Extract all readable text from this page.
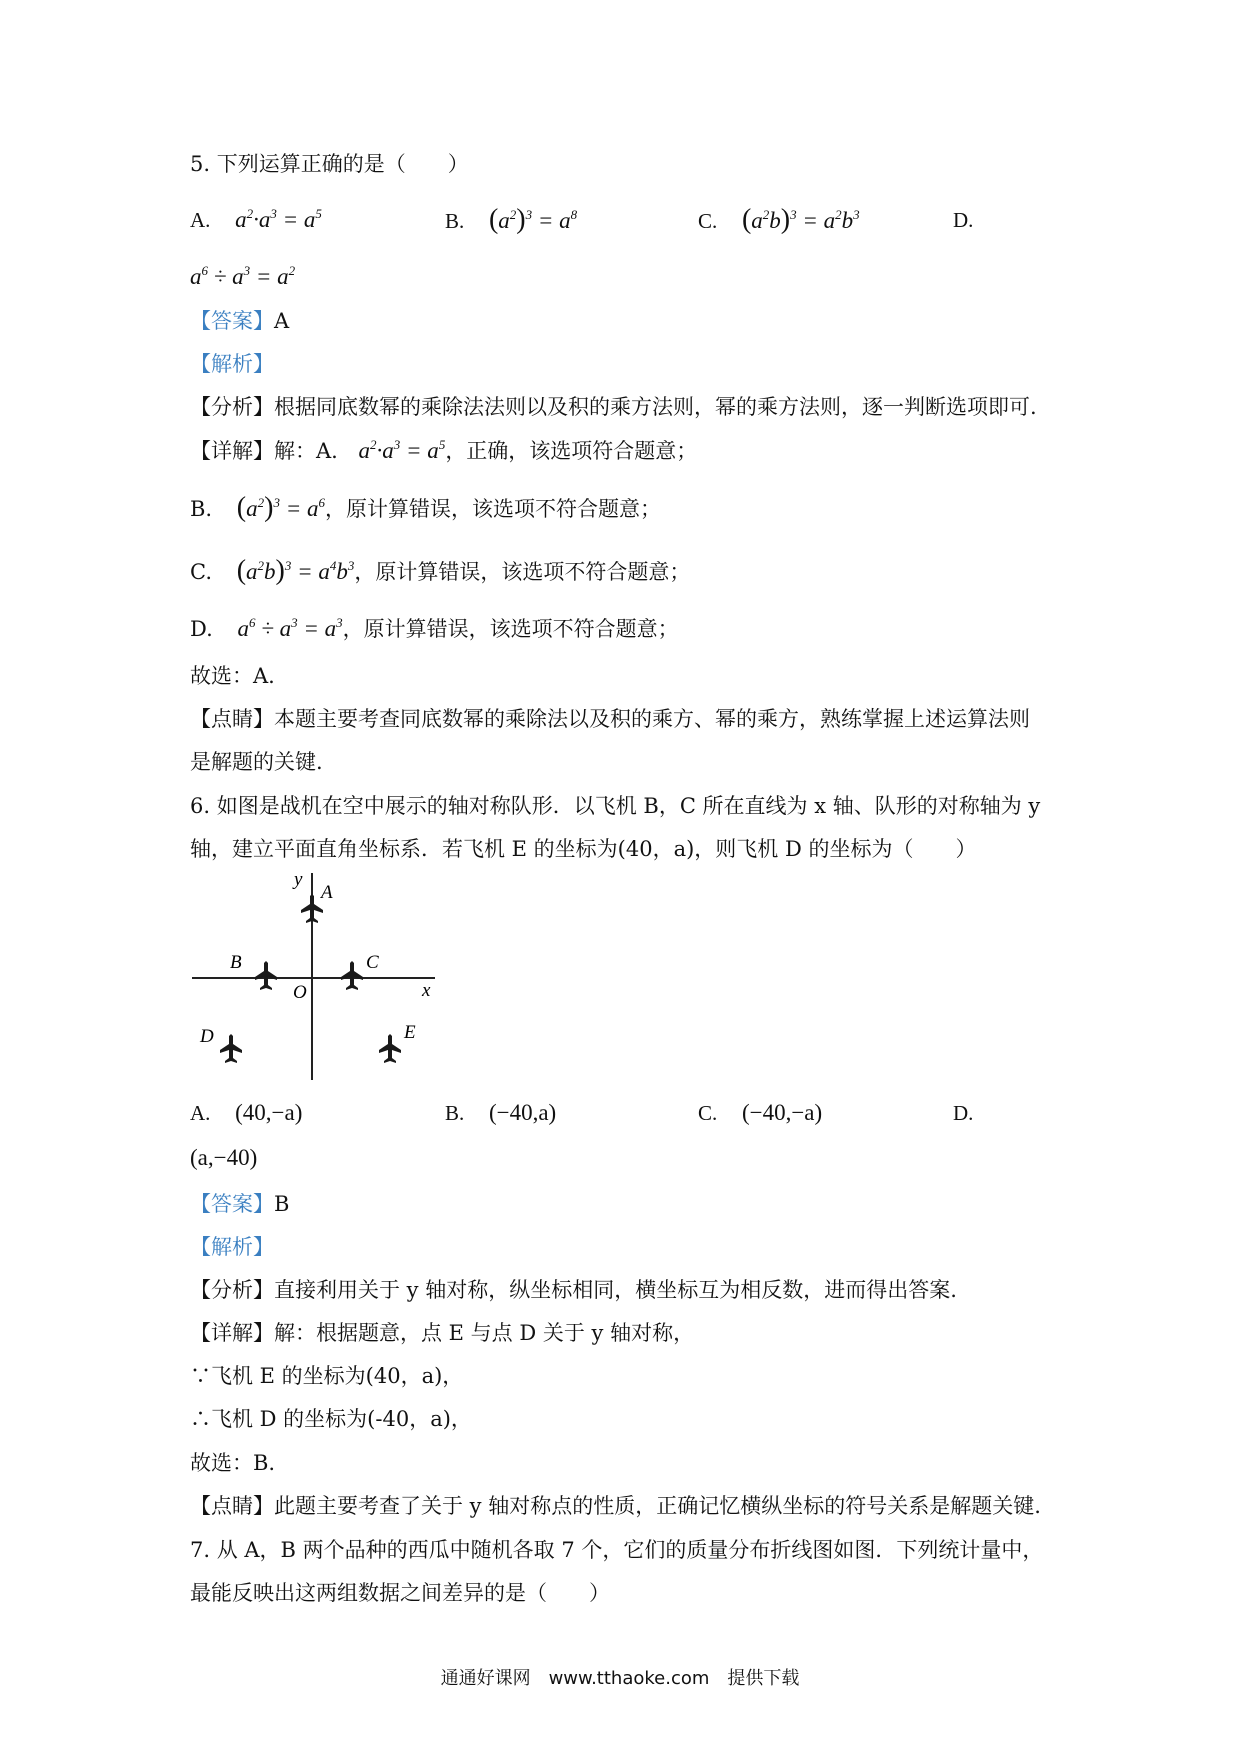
5. 下列运算正确的是（　　）
A. $a^2\cdot a^3 = a^5$	B. $(a^2)^3 = a^8$	C. $(a^2b)^3 = a^2b^3$	D.
$a^6 \div a^3 = a^2$
【答案】A
【解析】
【分析】根据同底数幂的乘除法法则以及积的乘方法则，幂的乘方法则，逐一判断选项即可.
【详解】解：A. $a^2\cdot a^3 = a^5$，正确，该选项符合题意；
B. $(a^2)^3 = a^6$，原计算错误，该选项不符合题意；
C. $(a^2b)^3 = a^4b^3$，原计算错误，该选项不符合题意；
D. $a^6 \div a^3 = a^3$，原计算错误，该选项不符合题意；
故选：A.
【点睛】本题主要考查同底数幂的乘除法以及积的乘方、幂的乘方，熟练掌握上述运算法则
是解题的关键.
6. 如图是战机在空中展示的轴对称队形．以飞机 B，C 所在直线为 x 轴、队形的对称轴为 y
轴，建立平面直角坐标系．若飞机 E 的坐标为(40，a)，则飞机 D 的坐标为（　　）
y
x
O
A
B	C
D	E
A. (40,−a)	B. (−40,a)	C. (−40,−a)	D.
(a,−40)
【答案】B
【解析】
【分析】直接利用关于 y 轴对称，纵坐标相同，横坐标互为相反数，进而得出答案.
【详解】解：根据题意，点 E 与点 D 关于 y 轴对称，
∵飞机 E 的坐标为(40，a)，
∴飞机 D 的坐标为(-40，a)，
故选：B.
【点睛】此题主要考查了关于 y 轴对称点的性质，正确记忆横纵坐标的符号关系是解题关键.
7. 从 A，B 两个品种的西瓜中随机各取 7 个，它们的质量分布折线图如图．下列统计量中，
最能反映出这两组数据之间差异的是（　　）
通通好课网　www.tthaoke.com　提供下载
